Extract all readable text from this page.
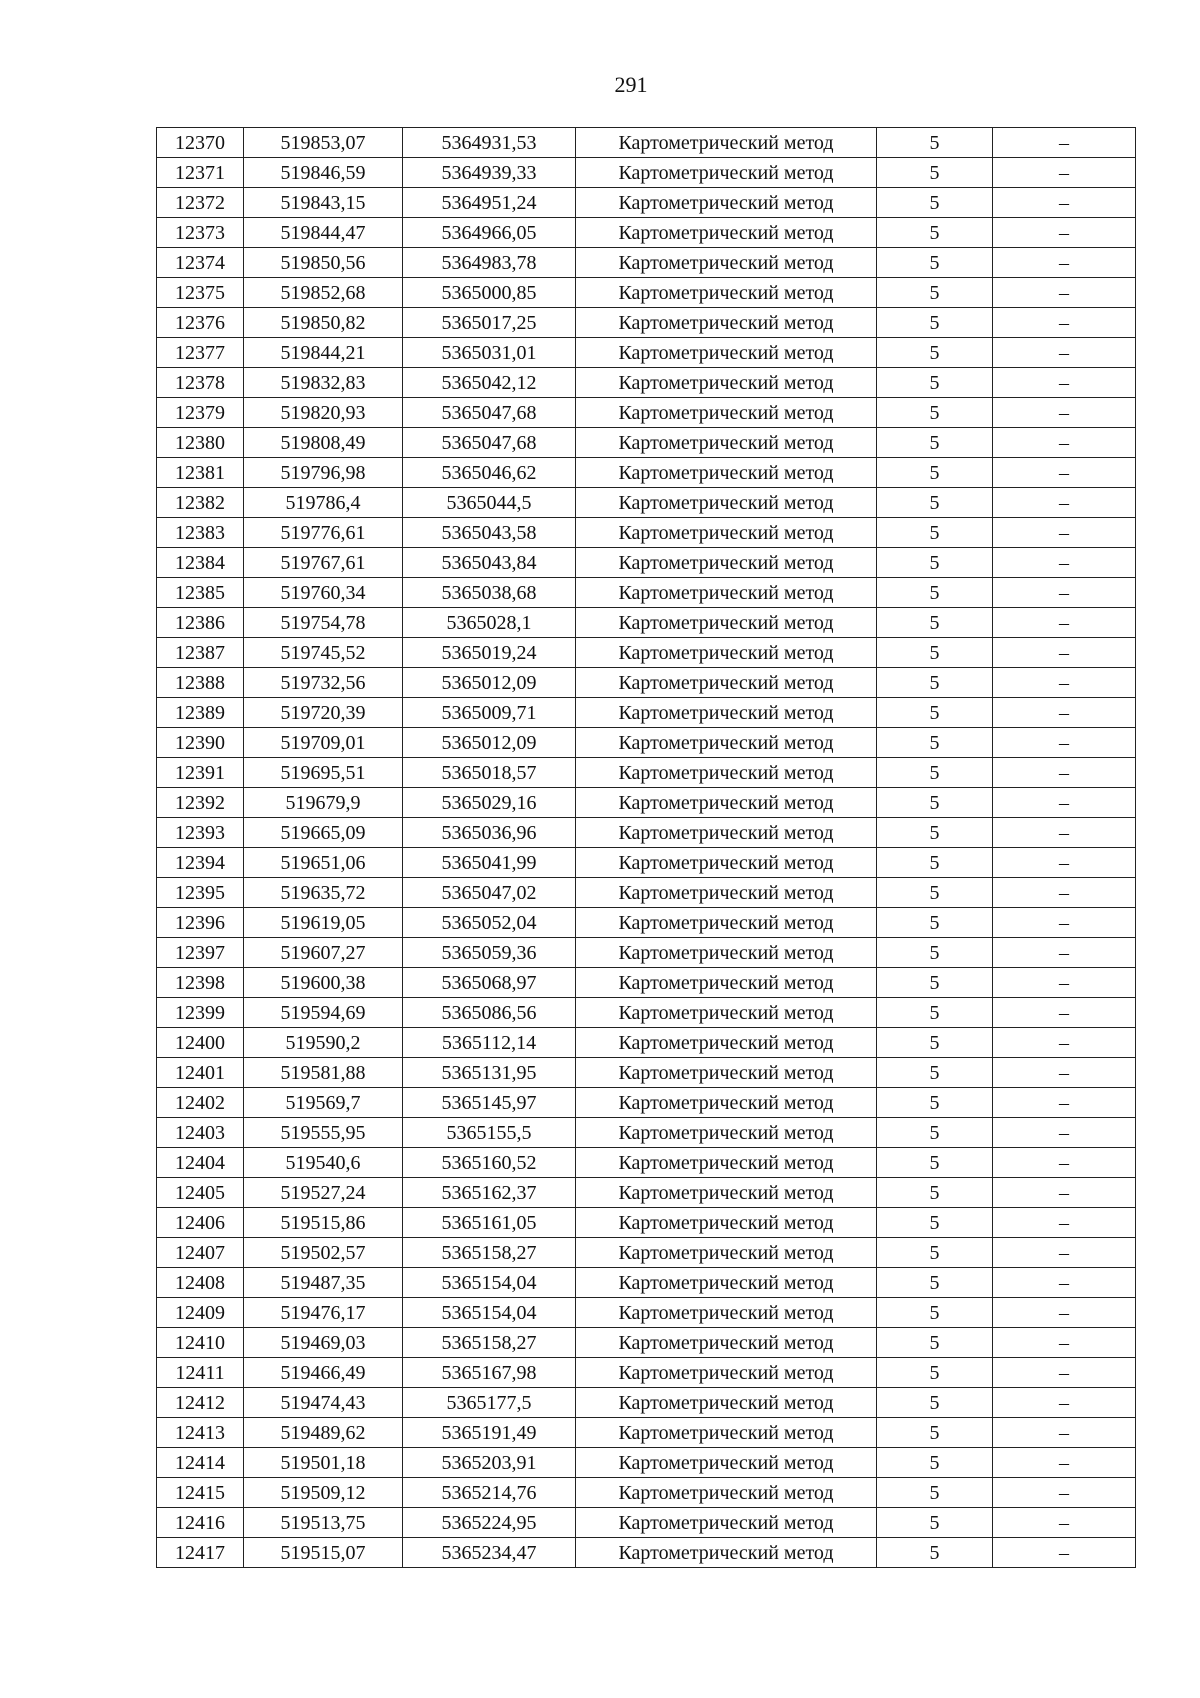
291
12370	519853,07	5364931,53	Картометрический метод	5	–
12371	519846,59	5364939,33	Картометрический метод	5	–
12372	519843,15	5364951,24	Картометрический метод	5	–
12373	519844,47	5364966,05	Картометрический метод	5	–
12374	519850,56	5364983,78	Картометрический метод	5	–
12375	519852,68	5365000,85	Картометрический метод	5	–
12376	519850,82	5365017,25	Картометрический метод	5	–
12377	519844,21	5365031,01	Картометрический метод	5	–
12378	519832,83	5365042,12	Картометрический метод	5	–
12379	519820,93	5365047,68	Картометрический метод	5	–
12380	519808,49	5365047,68	Картометрический метод	5	–
12381	519796,98	5365046,62	Картометрический метод	5	–
12382	519786,4	5365044,5	Картометрический метод	5	–
12383	519776,61	5365043,58	Картометрический метод	5	–
12384	519767,61	5365043,84	Картометрический метод	5	–
12385	519760,34	5365038,68	Картометрический метод	5	–
12386	519754,78	5365028,1	Картометрический метод	5	–
12387	519745,52	5365019,24	Картометрический метод	5	–
12388	519732,56	5365012,09	Картометрический метод	5	–
12389	519720,39	5365009,71	Картометрический метод	5	–
12390	519709,01	5365012,09	Картометрический метод	5	–
12391	519695,51	5365018,57	Картометрический метод	5	–
12392	519679,9	5365029,16	Картометрический метод	5	–
12393	519665,09	5365036,96	Картометрический метод	5	–
12394	519651,06	5365041,99	Картометрический метод	5	–
12395	519635,72	5365047,02	Картометрический метод	5	–
12396	519619,05	5365052,04	Картометрический метод	5	–
12397	519607,27	5365059,36	Картометрический метод	5	–
12398	519600,38	5365068,97	Картометрический метод	5	–
12399	519594,69	5365086,56	Картометрический метод	5	–
12400	519590,2	5365112,14	Картометрический метод	5	–
12401	519581,88	5365131,95	Картометрический метод	5	–
12402	519569,7	5365145,97	Картометрический метод	5	–
12403	519555,95	5365155,5	Картометрический метод	5	–
12404	519540,6	5365160,52	Картометрический метод	5	–
12405	519527,24	5365162,37	Картометрический метод	5	–
12406	519515,86	5365161,05	Картометрический метод	5	–
12407	519502,57	5365158,27	Картометрический метод	5	–
12408	519487,35	5365154,04	Картометрический метод	5	–
12409	519476,17	5365154,04	Картометрический метод	5	–
12410	519469,03	5365158,27	Картометрический метод	5	–
12411	519466,49	5365167,98	Картометрический метод	5	–
12412	519474,43	5365177,5	Картометрический метод	5	–
12413	519489,62	5365191,49	Картометрический метод	5	–
12414	519501,18	5365203,91	Картометрический метод	5	–
12415	519509,12	5365214,76	Картометрический метод	5	–
12416	519513,75	5365224,95	Картометрический метод	5	–
12417	519515,07	5365234,47	Картометрический метод	5	–
